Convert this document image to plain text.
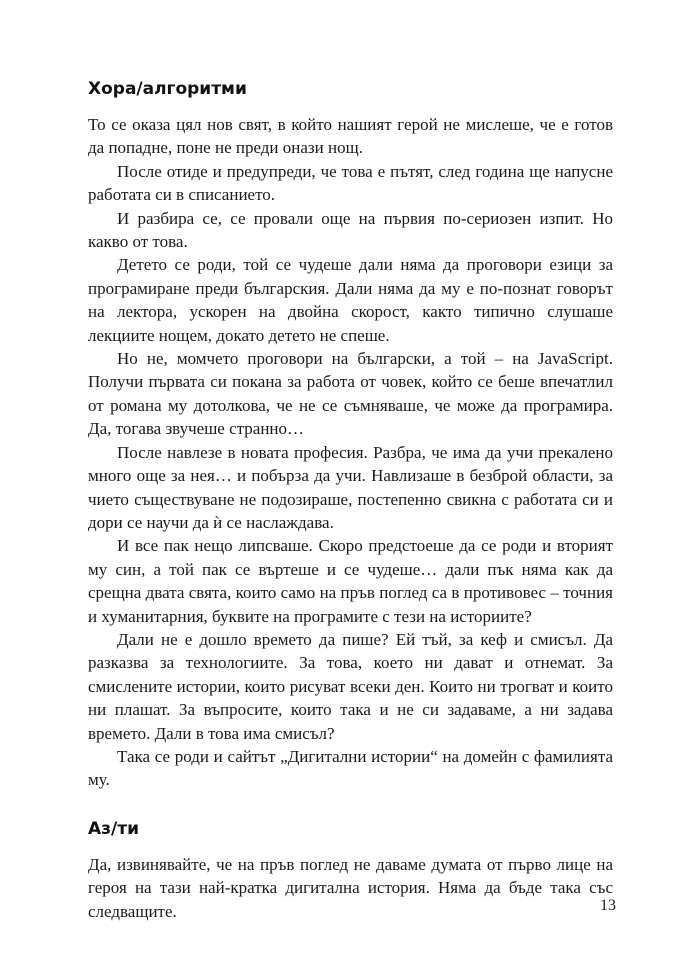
Хора/алгоритми

То се оказа цял нов свят, в който нашият герой не мислеше, че е готов да попадне, поне не преди онази нощ.

После отиде и предупреди, че това е пътят, след година ще напусне работата си в списанието.

И разбира се, се провали още на първия по-сериозен изпит. Но какво от това.

Детето се роди, той се чудеше дали няма да проговори езици за програмиране преди българския. Дали няма да му е по-познат говорът на лектора, ускорен на двойна скорост, както типично слушаше лекциите нощем, докато детето не спеше.

Но не, момчето проговори на български, а той – на JavaScript. Получи първата си покана за работа от човек, който се беше впечатлил от романа му дотолкова, че не се съмняваше, че може да програмира. Да, тогава звучеше странно…

После навлезе в новата професия. Разбра, че има да учи прекалено много още за нея… и побърза да учи. Навлизаше в безброй области, за чието съществуване не подозираше, постепенно свикна с работата си и дори се научи да ѝ се наслаждава.

И все пак нещо липсваше. Скоро предстоеше да се роди и вторият му син, а той пак се въртеше и се чудеше… дали пък няма как да срещна двата свята, които само на пръв поглед са в противовес – точния и хуманитарния, буквите на програмите с тези на историите?

Дали не е дошло времето да пише? Ей тъй, за кеф и смисъл. Да разказва за технологиите. За това, което ни дават и отнемат. За смислените истории, които рисуват всеки ден. Които ни трогват и които ни плашат. За въпросите, които така и не си задаваме, а ни задава времето. Дали в това има смисъл?

Така се роди и сайтът „Дигитални истории“ на домейн с фамилията му.

Аз/ти

Да, извинявайте, че на пръв поглед не даваме думата от първо лице на героя на тази най-кратка дигитална история. Няма да бъде така със следващите.	13
